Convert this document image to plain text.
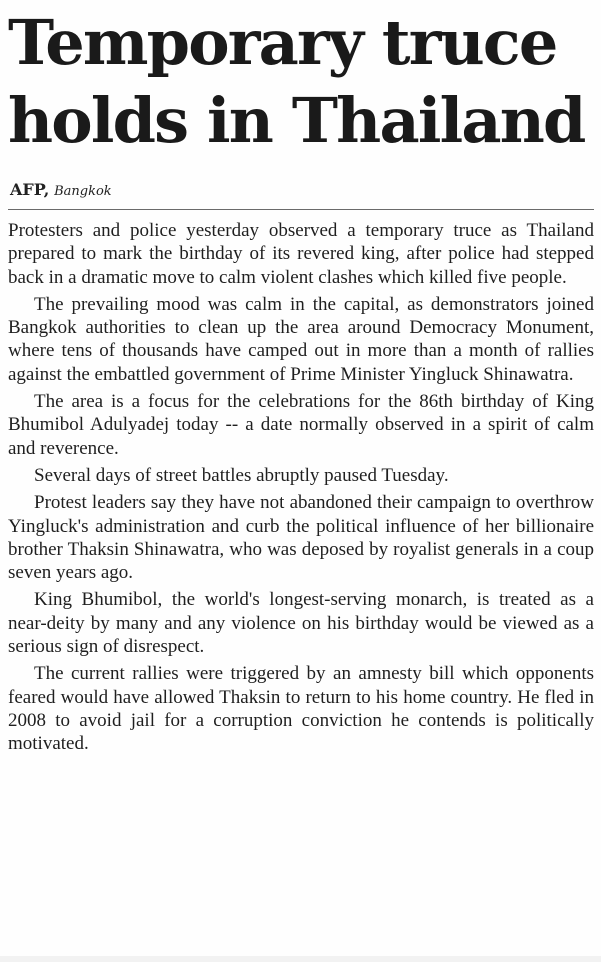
Temporary truce
holds in Thailand
AFP, Bangkok

Protesters and police yesterday observed a temporary truce as Thailand prepared to mark the birthday of its revered king, after police had stepped back in a dramatic move to calm violent clashes which killed five people.

The prevailing mood was calm in the capital, as demonstrators joined Bangkok authorities to clean up the area around Democracy Monument, where tens of thousands have camped out in more than a month of rallies against the embattled government of Prime Minister Yingluck Shinawatra.

The area is a focus for the celebrations for the 86th birthday of King Bhumibol Adulyadej today -- a date normally observed in a spirit of calm and reverence.

Several days of street battles abruptly paused Tuesday.

Protest leaders say they have not abandoned their campaign to overthrow Yingluck's administration and curb the political influence of her billionaire brother Thaksin Shinawatra, who was deposed by royalist generals in a coup seven years ago.

King Bhumibol, the world's longest-serving monarch, is treated as a near-deity by many and any violence on his birthday would be viewed as a serious sign of disrespect.

The current rallies were triggered by an amnesty bill which opponents feared would have allowed Thaksin to return to his home country. He fled in 2008 to avoid jail for a corruption conviction he contends is politically motivated.
